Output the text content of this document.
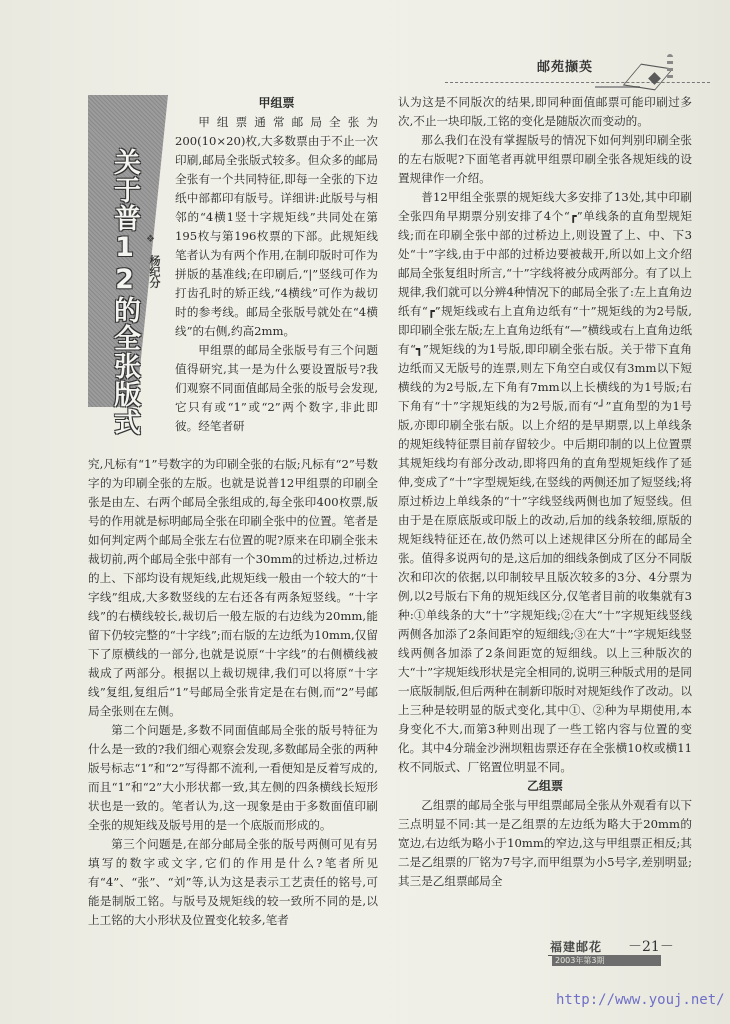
邮苑撷英
关于普12的全张版式 ❖
杨纪分
甲组票

甲组票通常邮局全张为200(10×20)枚,大多数票由于不止一次印刷,邮局全张版式较多。但众多的邮局全张有一个共同特征,即每一全张的下边纸中部都印有版号。详细讲:此版号与相邻的“4横1竖十字规矩线”共同处在第195枚与第196枚票的下部。此规矩线笔者认为有两个作用,在制印版时可作为拼版的基准线;在印刷后,“|”竖线可作为打齿孔时的矫正线,“4横线”可作为裁切时的参考线。邮局全张版号就处在“4横线”的右侧,约高2mm。

甲组票的邮局全张版号有三个问题值得研究,其一是为什么要设置版号?我们观察不同面值邮局全张的版号会发现,它只有或“1”或“2”两个数字,非此即彼。经笔者研

究,凡标有“1”号数字的为印刷全张的右版;凡标有“2”号数字的为印刷全张的左版。也就是说普12甲组票的印刷全张是由左、右两个邮局全张组成的,每全张印400枚票,版号的作用就是标明邮局全张在印刷全张中的位置。笔者是如何判定两个邮局全张左右位置的呢?原来在印刷全张未裁切前,两个邮局全张中部有一个30mm的过桥边,过桥边的上、下部均设有规矩线,此规矩线一般由一个较大的“十字线”组成,大多数竖线的左右还各有两条短竖线。“十字线”的右横线较长,裁切后一般左版的右边线为20mm,能留下仍较完整的“十字线”;而右版的左边纸为10mm,仅留下了原横线的一部分,也就是说原“十字线”的右侧横线被裁成了两部分。根据以上裁切规律,我们可以将原“十字线”复组,复组后“1”号邮局全张肯定是在右侧,而“2”号邮局全张则在左侧。

第二个问题是,多数不同面值邮局全张的版号特征为什么是一致的?我们细心观察会发现,多数邮局全张的两种版号标志“1”和“2”写得都不流利,一看便知是反着写成的,而且“1”和“2”大小形状都一致,其左侧的四条横线长短形状也是一致的。笔者认为,这一现象是由于多数面值印刷全张的规矩线及版号用的是一个底版而形成的。

第三个问题是,在部分邮局全张的版号两侧可见有另填写的数字或文字,它们的作用是什么?笔者所见有“4”、“张”、“刘”等,认为这是表示工艺责任的铭号,可能是制版工铭。与版号及规矩线的较一致所不同的是,以上工铭的大小形状及位置变化较多,笔者

认为这是不同版次的结果,即同种面值邮票可能印刷过多次,不止一块印版,工铭的变化是随版次而变动的。

那么我们在没有掌握版号的情况下如何判别印刷全张的左右版呢?下面笔者再就甲组票印刷全张各规矩线的设置规律作一介绍。

普12甲组全张票的规矩线大多安排了13处,其中印刷全张四角早期票分别安排了4个“┏”单线条的直角型规矩线;而在印刷全张中部的过桥边上,则设置了上、中、下3处“十”字线,由于中部的过桥边要被裁开,所以如上文介绍邮局全张复组时所言,“十”字线将被分成两部分。有了以上规律,我们就可以分辨4种情况下的邮局全张了:左上直角边纸有“┏”规矩线或右上直角边纸有“十”规矩线的为2号版,即印刷全张左版;左上直角边纸有“—”横线或右上直角边纸有“┓”规矩线的为1号版,即印刷全张右版。关于带下直角边纸而又无版号的连票,则左下角空白或仅有3mm以下短横线的为2号版,左下角有7mm以上长横线的为1号版;右下角有“十”字规矩线的为2号版,而有“┘”直角型的为1号版,亦即印刷全张右版。以上介绍的是早期票,以上单线条的规矩线特征票目前存留较少。中后期印制的以上位置票其规矩线均有部分改动,即将四角的直角型规矩线作了延伸,变成了“十”字型规矩线,在竖线的两侧还加了短竖线;将原过桥边上单线条的“十”字线竖线两侧也加了短竖线。但由于是在原底版或印版上的改动,后加的线条较细,原版的规矩线特征还在,故仍然可以上述规律区分所在的邮局全张。值得多说两句的是,这后加的细线条倒成了区分不同版次和印次的依据,以印制较早且版次较多的3分、4分票为例,以2号版右下角的规矩线区分,仅笔者目前的收集就有3种:①单线条的大“十”字规矩线;②在大“十”字规矩线竖线两侧各加添了2条间距窄的短细线;③在大“十”字规矩线竖线两侧各加添了2条间距宽的短细线。以上三种版次的大“十”字规矩线形状是完全相同的,说明三种版式用的是同一底版制版,但后两种在制新印版时对规矩线作了改动。以上三种是较明显的版式变化,其中①、②种为早期使用,本身变化不大,而第3种则出现了一些工铭内容与位置的变化。其中4分瑞金沙洲坝粗齿票还存在全张横10枚或横11枚不同版式、厂铭置位明显不同。

乙组票

乙组票的邮局全张与甲组票邮局全张从外观看有以下三点明显不同:其一是乙组票的左边纸为略大于20mm的宽边,右边纸为略小于10mm的窄边,这与甲组票正相反;其二是乙组票的厂铭为7号字,而甲组票为小5号字,差别明显;其三是乙组票邮局全

福建邮花 －21－
2003年第3期
http://www.youj.net/
